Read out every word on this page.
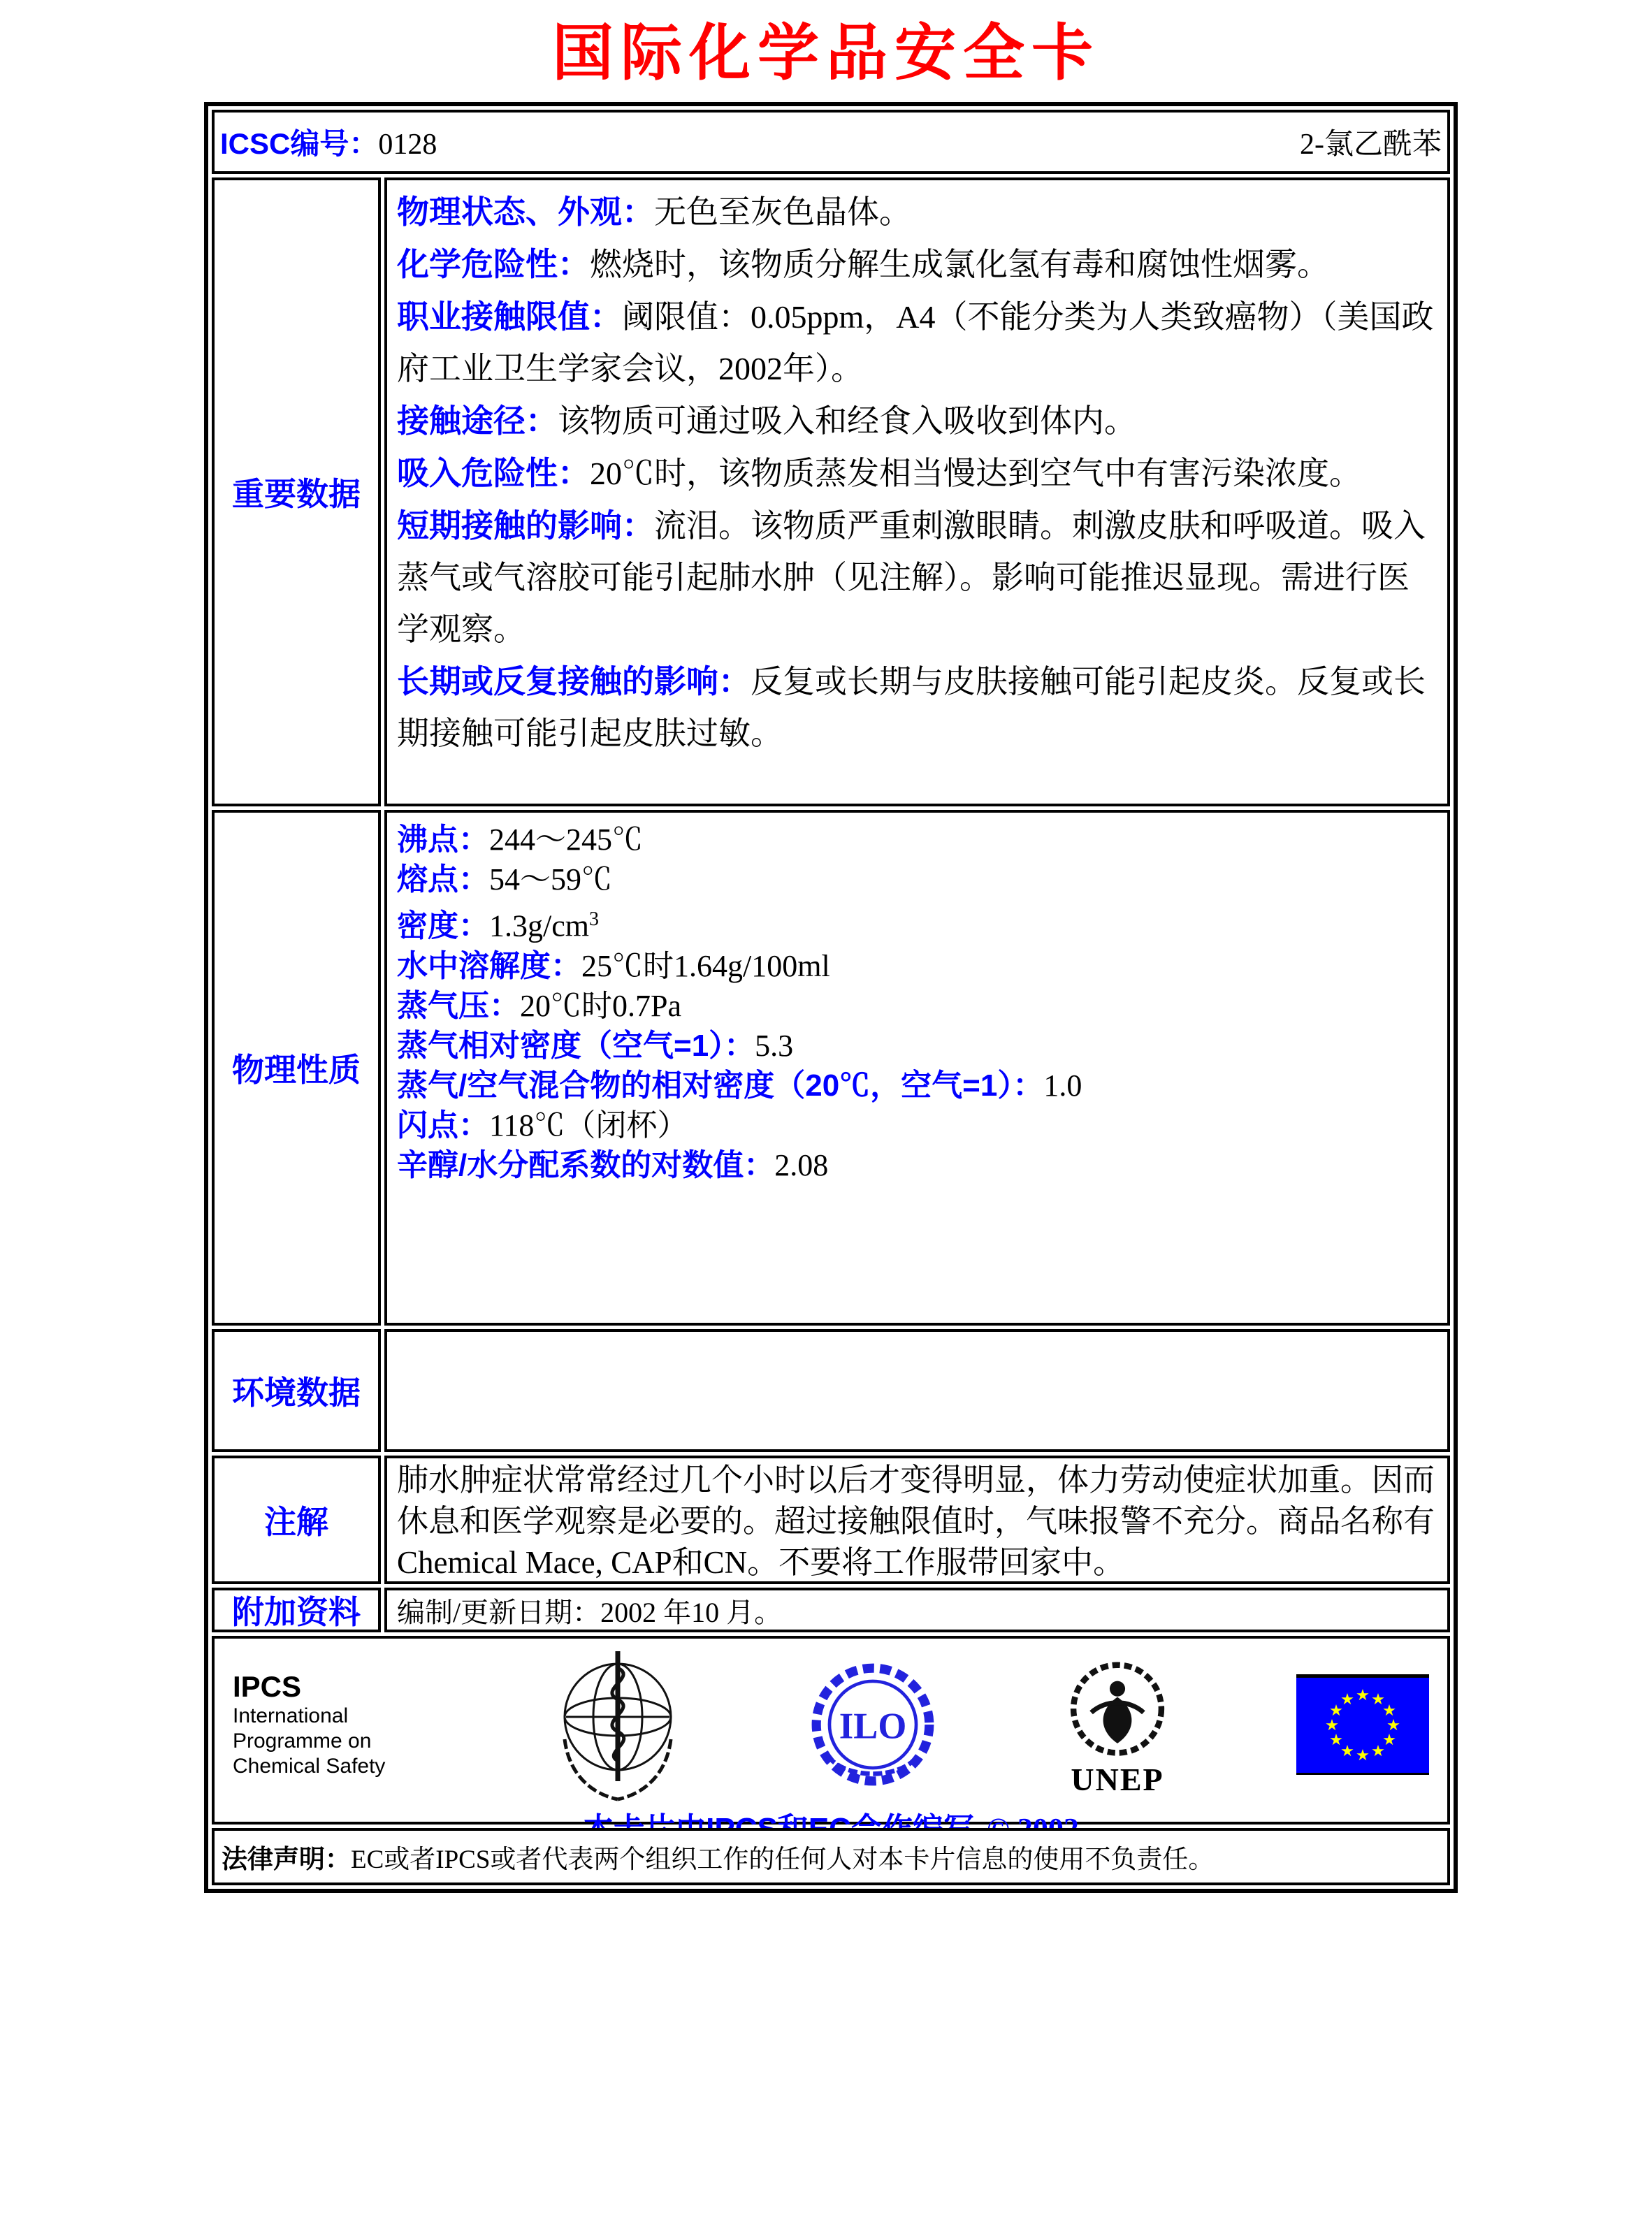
国际化学品安全卡
ICSC编号：0128	2-氯乙酰苯
重要数据
物理状态、外观：无色至灰色晶体。
化学危险性：燃烧时，该物质分解生成氯化氢有毒和腐蚀性烟雾。
职业接触限值：阈限值：0.05ppm，A4（不能分类为人类致癌物）（美国政府工业卫生学家会议，2002年）。
接触途径：该物质可通过吸入和经食入吸收到体内。
吸入危险性：20℃时，该物质蒸发相当慢达到空气中有害污染浓度。
短期接触的影响：流泪。该物质严重刺激眼睛。刺激皮肤和呼吸道。吸入蒸气或气溶胶可能引起肺水肿（见注解）。影响可能推迟显现。需进行医学观察。
长期或反复接触的影响：反复或长期与皮肤接触可能引起皮炎。反复或长期接触可能引起皮肤过敏。
物理性质
沸点：244～245℃
熔点：54～59℃
密度：$1.3g/cm^3$
水中溶解度：25℃时1.64g/100ml
蒸气压：20℃时0.7Pa
蒸气相对密度（空气=1）：5.3
蒸气/空气混合物的相对密度（20℃，空气=1）：1.0
闪点：118℃（闭杯）
辛醇/水分配系数的对数值：2.08
环境数据
注解
肺水肿症状常常经过几个小时以后才变得明显，体力劳动使症状加重。因而休息和医学观察是必要的。超过接触限值时，气味报警不充分。商品名称有Chemical Mace, CAP和CN。不要将工作服带回家中。
附加资料	编制/更新日期：2002 年10 月。
IPCS
International
Programme on
Chemical Safety
ILO
UNEP
法律声明： EC或者IPCS或者代表两个组织工作的任何人对本卡片信息的使用不负责任。
